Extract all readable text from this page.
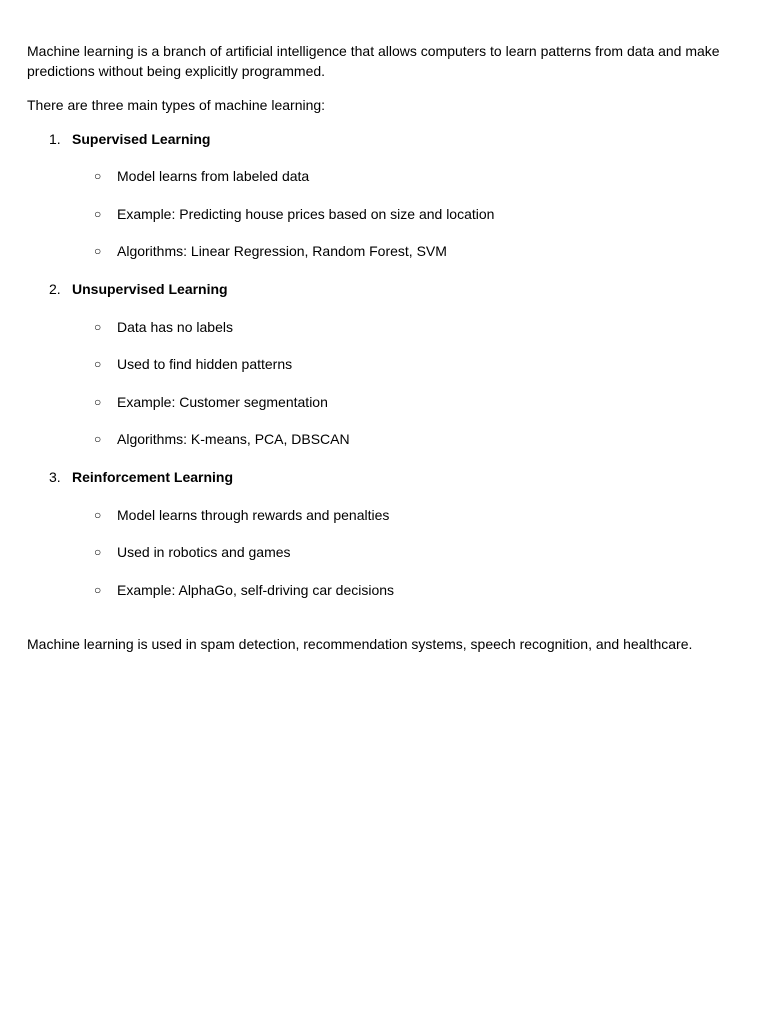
Machine learning is a branch of artificial intelligence that allows computers to learn patterns from data and make predictions without being explicitly programmed.

There are three main types of machine learning:

1. Supervised Learning
○ Model learns from labeled data
○ Example: Predicting house prices based on size and location
○ Algorithms: Linear Regression, Random Forest, SVM
2. Unsupervised Learning
○ Data has no labels
○ Used to find hidden patterns
○ Example: Customer segmentation
○ Algorithms: K-means, PCA, DBSCAN
3. Reinforcement Learning
○ Model learns through rewards and penalties
○ Used in robotics and games
○ Example: AlphaGo, self-driving car decisions

Machine learning is used in spam detection, recommendation systems, speech recognition, and healthcare.
